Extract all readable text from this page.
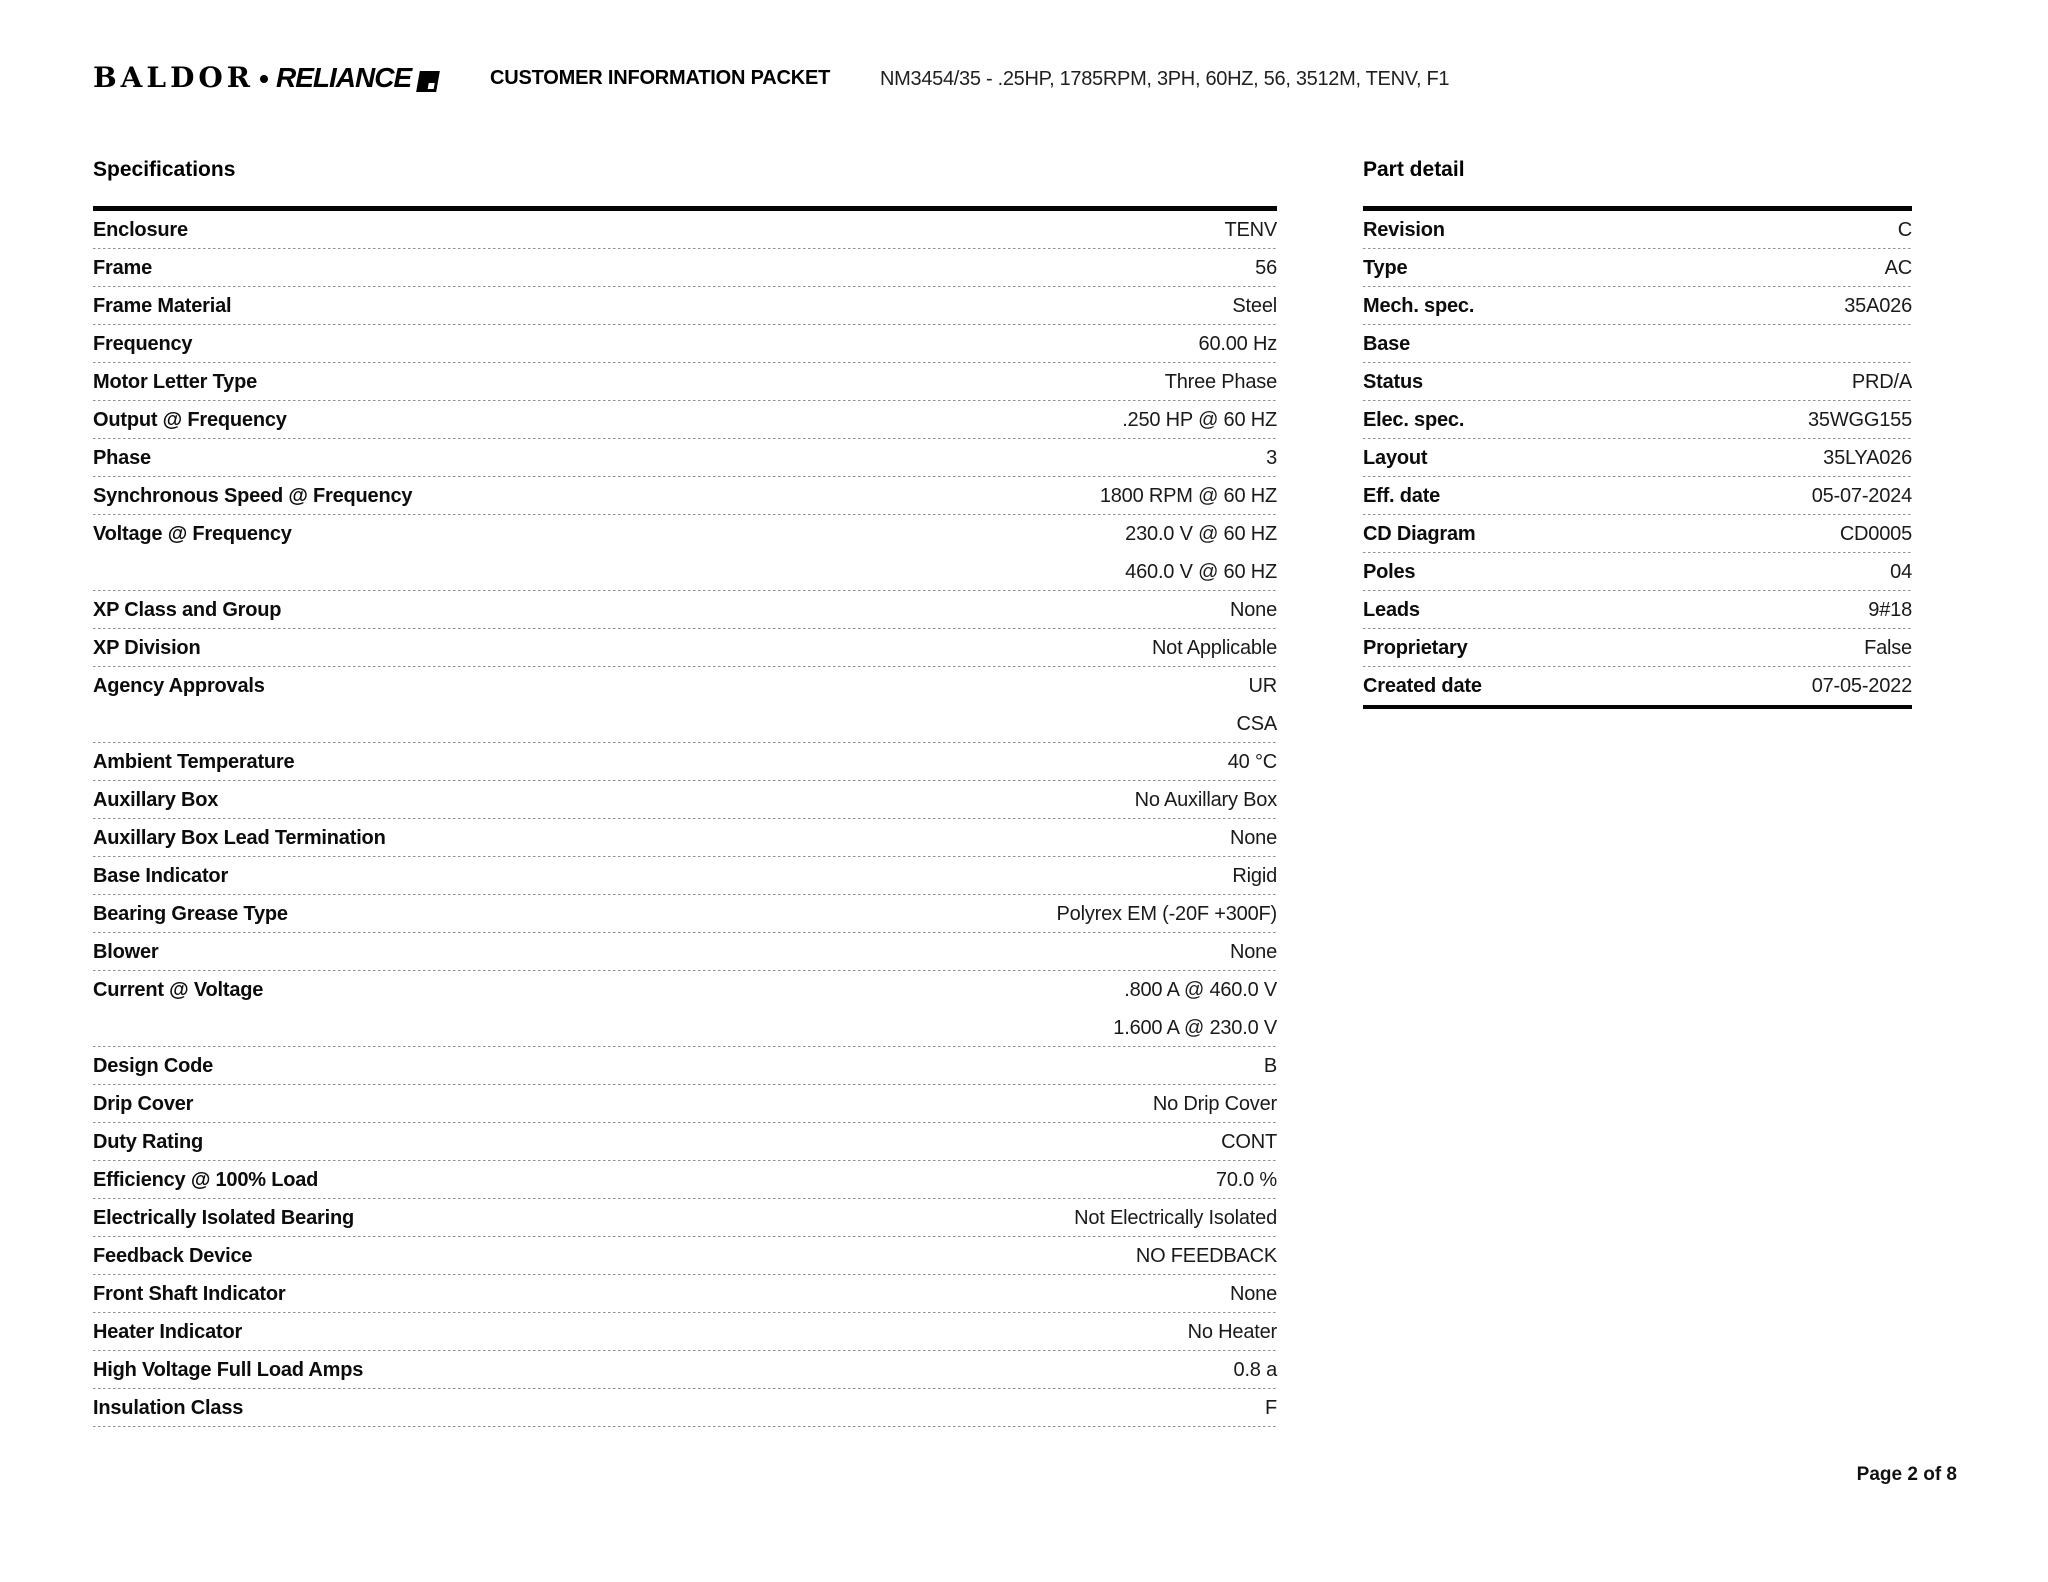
BALDOR RELIANCE	CUSTOMER INFORMATION PACKET NM3454/35 - .25HP, 1785RPM, 3PH, 60HZ, 56, 3512M, TENV, F1
Specifications
Enclosure	TENV
Frame	56
Frame Material	Steel
Frequency	60.00 Hz
Motor Letter Type	Three Phase
Output @ Frequency	.250 HP @ 60 HZ
Phase	3
Synchronous Speed @ Frequency	1800 RPM @ 60 HZ
Voltage @ Frequency	230.0 V @ 60 HZ
460.0 V @ 60 HZ
XP Class and Group	None
XP Division	Not Applicable
Agency Approvals	UR
CSA
Ambient Temperature	40 °C
Auxillary Box	No Auxillary Box
Auxillary Box Lead Termination	None
Base Indicator	Rigid
Bearing Grease Type	Polyrex EM (-20F +300F)
Blower	None
Current @ Voltage	.800 A @ 460.0 V
1.600 A @ 230.0 V
Design Code	B
Drip Cover	No Drip Cover
Duty Rating	CONT
Efficiency @ 100% Load	70.0 %
Electrically Isolated Bearing	Not Electrically Isolated
Feedback Device	NO FEEDBACK
Front Shaft Indicator	None
Heater Indicator	No Heater
High Voltage Full Load Amps	0.8 a
Insulation Class	F
Part detail
Revision	C
Type	AC
Mech. spec.	35A026
Base
Status	PRD/A
Elec. spec.	35WGG155
Layout	35LYA026
Eff. date	05-07-2024
CD Diagram	CD0005
Poles	04
Leads	9#18
Proprietary	False
Created date	07-05-2022
Page 2 of 8
